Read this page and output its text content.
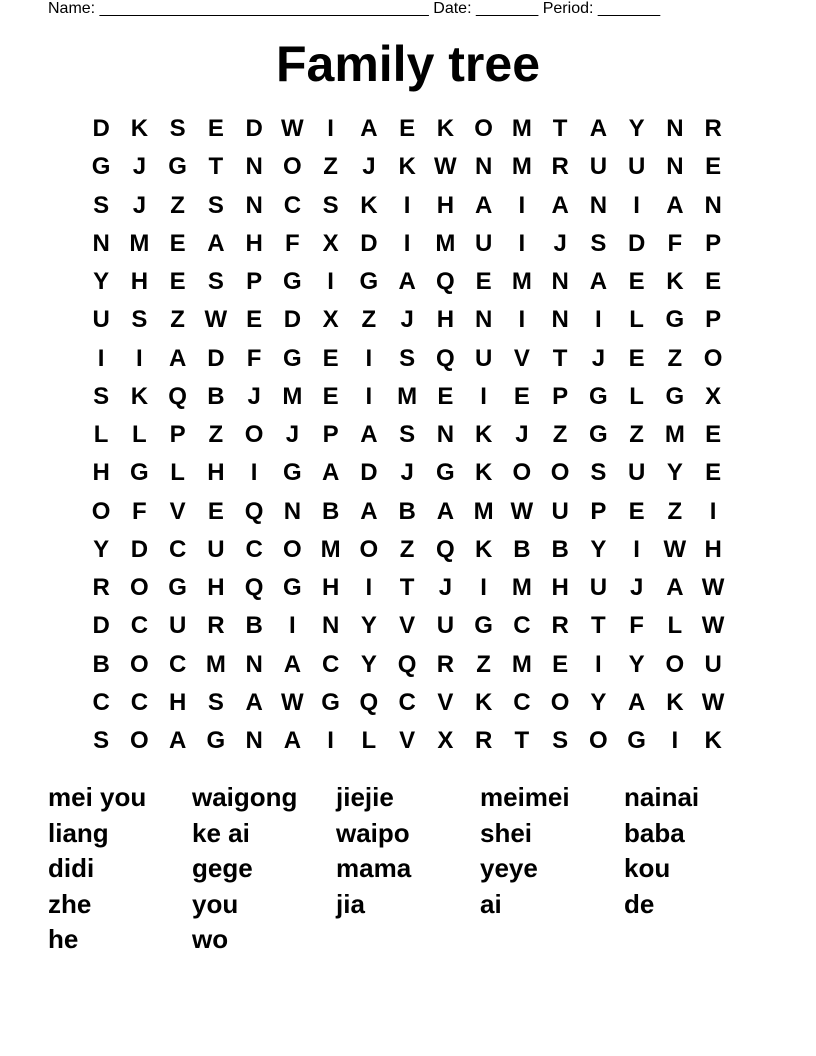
Name: _____________________________________ Date: _______ Period: _______
Family tree
D K S E D W I	A E K O M T A Y N R
G J G T N O Z	J K W N M R U U N E
S J	Z S N C S K	I	H A	I	A N	I	A N
N M E A H F X D	I	M U	I	J S D F P
Y H E S P G	I	G A Q E M N A E K E
U S Z W E D X Z	J H N	I	N	I	L G P
I	I	A D F G E	I	S Q U V T	J E Z O
S K Q B J M E	I	M E	I	E P G L G X
L L P Z O J P A S N K J	Z G Z M E
H G L H	I	G A D J G K O O S U Y E
O F V E Q N B A B A M W U P E Z	I
Y D C U C O M O Z Q K B B Y	I W H
R O G H Q G H	I	T	J	I	M H U J A W
D C U R B	I	N Y V U G C R T F L W
B O C M N A C Y Q R Z M E	I	Y O U
C C H S A W G Q C V K C O Y A K W
S O A G N A	I	L V X R T S O G	I	K
mei you	waigong	jiejie	meimei	nainai
liang	ke ai	waipo	shei	baba
didi	gege	mama	yeye	kou
zhe	you	jia	ai	de
he	wo
